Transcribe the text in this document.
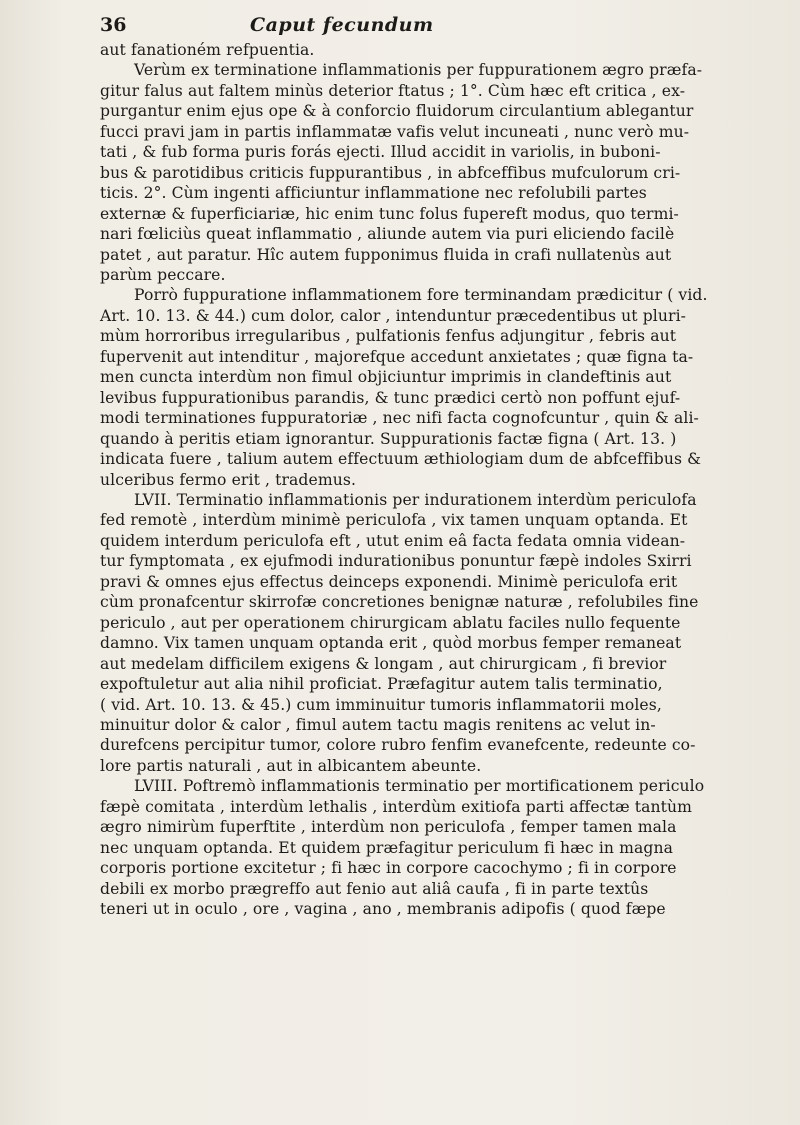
36	Caput fecundum
aut fanationém refpuentia.
Verùm ex terminatione inflammationis per fuppurationem ægro præfa-
gitur falus aut faltem minùs deterior ftatus ; 1°. Cùm hæc eft critica , ex-
purgantur enim ejus ope & à conforcio fluidorum circulantium ablegantur
fucci pravi jam in partis inflammatæ vafis velut incuneati , nunc verò mu-
tati , & fub forma puris forás ejecti. Illud accidit in variolis, in buboni-
bus & parotidibus criticis fuppurantibus , in abfceffibus mufculorum cri-
ticis. 2°. Cùm ingenti afficiuntur inflammatione nec refolubili partes
externæ & fuperficiariæ, hic enim tunc folus fupereft modus, quo termi-
nari fœliciùs queat inflammatio , aliunde autem via puri eliciendo facilè
patet , aut paratur. Hîc autem fupponimus fluida in crafi nullatenùs aut
parùm peccare.
Porrò fuppuratione inflammationem fore terminandam prædicitur ( vid.
Art. 10. 13. & 44.) cum dolor, calor , intenduntur præcedentibus ut pluri-
mùm horroribus irregularibus , pulfationis fenfus adjungitur , febris aut
fupervenit aut intenditur , majorefque accedunt anxietates ; quæ figna ta-
men cuncta interdùm non fimul objiciuntur imprimis in clandeftinis aut
levibus fuppurationibus parandis, & tunc prædici certò non poffunt ejuf-
modi terminationes fuppuratoriæ , nec nifi facta cognofcuntur , quin & ali-
quando à peritis etiam ignorantur. Suppurationis factæ figna ( Art. 13. )
indicata fuere , talium autem effectuum æthiologiam dum de abfceffibus &
ulceribus fermo erit , trademus.
LVII. Terminatio inflammationis per indurationem interdùm periculofa
fed remotè , interdùm minimè periculofa , vix tamen unquam optanda. Et
quidem interdum periculofa eft , utut enim eâ facta fedata omnia videan-
tur fymptomata , ex ejufmodi indurationibus ponuntur fæpè indoles Sxirri
pravi & omnes ejus effectus deinceps exponendi. Minimè periculofa erit
cùm pronafcentur skirrofæ concretiones benignæ naturæ , refolubiles fine
periculo , aut per operationem chirurgicam ablatu faciles nullo fequente
damno. Vix tamen unquam optanda erit , quòd morbus femper remaneat
aut medelam difficilem exigens & longam , aut chirurgicam , fi brevior
expoftuletur aut alia nihil proficiat. Præfagitur autem talis terminatio,
( vid. Art. 10. 13. & 45.) cum imminuitur tumoris inflammatorii moles,
minuitur dolor & calor , fimul autem tactu magis renitens ac velut in-
durefcens percipitur tumor, colore rubro fenfim evanefcente, redeunte co-
lore partis naturali , aut in albicantem abeunte.
LVIII. Poftremò inflammationis terminatio per mortificationem periculo
fæpè comitata , interdùm lethalis , interdùm exitiofa parti affectæ tantùm
ægro nimirùm fuperftite , interdùm non periculofa , femper tamen mala
nec unquam optanda. Et quidem præfagitur periculum fi hæc in magna
corporis portione excitetur ; fi hæc in corpore cacochymo ; fi in corpore
debili ex morbo prægreffo aut fenio aut aliâ caufa , fi in parte textûs
teneri ut in oculo , ore , vagina , ano , membranis adipofis ( quod fæpe
